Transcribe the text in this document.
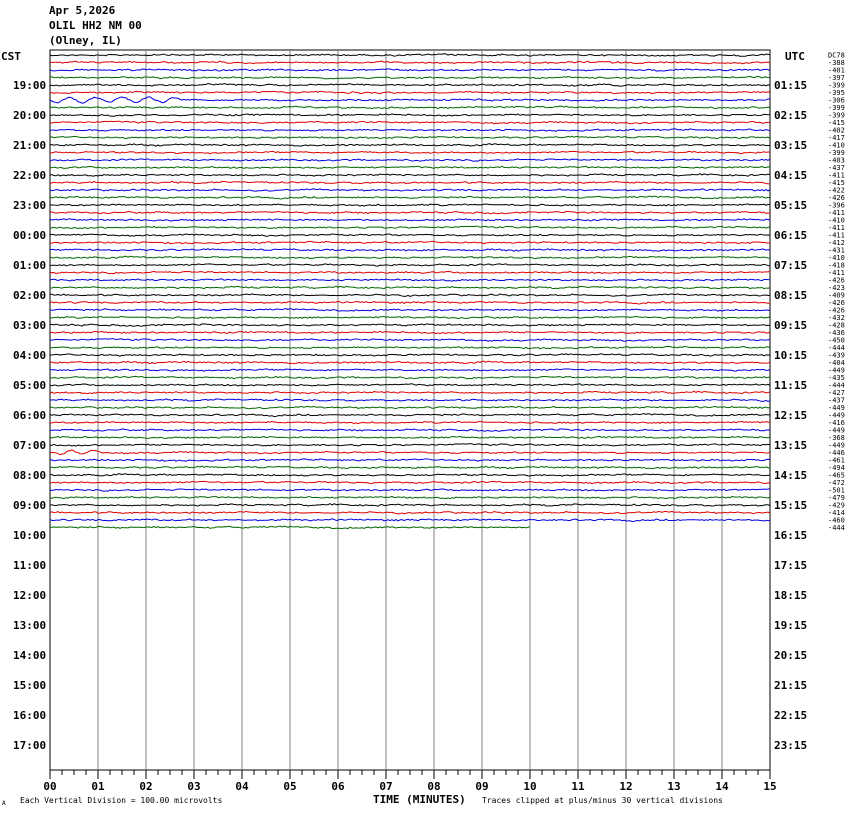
00	01	02	03	04	05	06	07	08	09	10	11	12	13	14	15
DC78
-388
-401
-397
-399
-395
-306
-399
-399
-415
-402
-417
-410
-399
-403
-437
-411
-415
-422
-426
-396
-411
-410
-411
-411
-412
-431
-410
-418
-411
-426
-423
-409
-426
-426
-432
-428
-436
-450
-444
-439
-404
-449
-435
-444
-427
-437
-449
-449
-416
-449
-368
-449
-446
-461
-494
-465
-472
-501
-479
-429
-414
-460
-444
Apr 5,2026
OLIL HH2 NM 00
(Olney, IL)
CST	UTC
19:00
20:00
21:00
22:00
23:00
00:00
01:00
02:00
03:00
04:00
05:00
06:00
07:00
08:00
09:00
10:00
11:00
12:00
13:00
14:00
15:00
16:00
17:00
01:15
02:15
03:15
04:15
05:15
06:15
07:15
08:15
09:15
10:15
11:15
12:15
13:15
14:15
15:15
16:15
17:15
18:15
19:15
20:15
21:15
22:15
23:15
A Each Vertical Division = 100.00 microvolts	TIME (MINUTES) Traces clipped at plus/minus 30 vertical divisions
